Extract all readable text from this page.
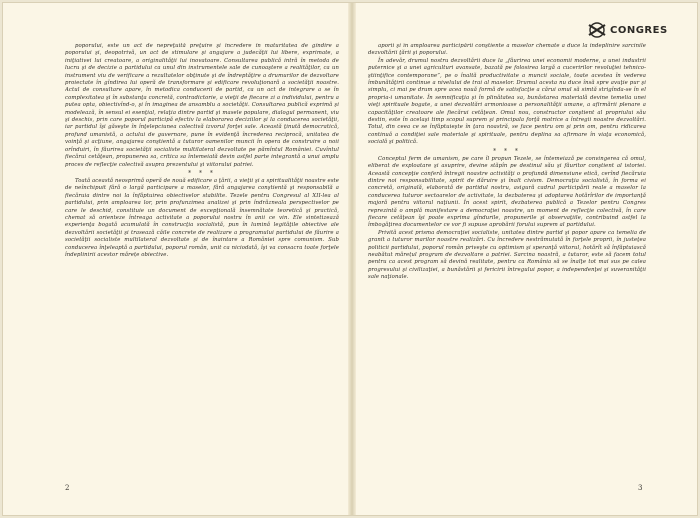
poporului, este un act de nepreţuită preţuire şi încredere în maturitatea de gîndire a poporului şi, deopotrivă, un act de stimulare şi angajare a judecăţii lui libere, exprimate, a iniţiativei lui creatoare, a originalităţii lui inovatoare. Consultarea publică intră în metoda de lucru şi de decizie a partidului ca unul din instrumentele sale de cunoaştere a realităţilor, ca un instrument viu de verificare a rezultatelor obţinute şi de îndreptăţire a drumurilor de dezvoltare proiectate în gîndirea lui operă de transformare şi edificare revoluţionară a societăţii noastre. Actul de consultare apare, în metodica conducerii de partid, ca un act de integrare a se în complexitatea şi în substanţa concretă, contradictorie, a vieţii de fiecare zi a individului, pentru a putea opta, obiectivînd-o, şi în imaginea de ansamblu a societăţii. Consultarea publică exprimă şi modelează, în sensul ei esenţial, relaţia dintre partid şi masele populare, dialogul permanent, viu şi deschis, prin care poporul participă efectiv la elaborarea deciziilor şi la conducerea societăţii, iar partidul îşi găseşte în înţelepciunea colectivă izvorul forţei sale. Această ţinută democratică, profund umanistă, a actului de guvernare, pune în evidenţă încrederea reciprocă, unitatea de voinţă şi acţiune, angajarea conştientă a tuturor oamenilor muncii în opera de construire a noii orînduiri, în făurirea societăţii socialiste multilateral dezvoltate pe pămîntul României. Cuvîntul fiecărui cetăţean, propunerea sa, critica sa întemeiată devin astfel parte integrantă a unui amplu proces de reflecţie colectivă asupra prezentului şi viitorului patriei.

* * *

Toată această neosprimă operă de nouă edificare a ţării, a vieţii şi a spiritualităţii noastre este de neînchipuit fără o largă participare a maselor, fără angajarea conştientă şi responsabilă a fiecăruia dintre noi la înfăptuirea obiectivelor stabilite. Tezele pentru Congresul al XII-lea al partidului, prin amploarea lor, prin profunzimea analizei şi prin îndrăzneala perspectivelor pe care le deschid, constituie un document de excepţională însemnătate teoretică şi practică, chemat să orienteze întreaga activitate a poporului nostru în anii ce vin. Ele sintetizează experienţa bogată acumulată în construcţia socialistă, pun în lumină legităţile obiective ale dezvoltării societăţii şi trasează căile concrete de realizare a programului partidului de făurire a societăţii socialiste multilateral dezvoltate şi de înaintare a României spre comunism. Sub conducerea înţeleaptă a partidului, poporul român, unit ca niciodată, îşi va consacra toate forţele îndeplinirii acestor mărețe obiective.

2
CONGRES

aporii şi în amploarea participării conştiente a maselor chemate a duce la îndeplinire sarcinile dezvoltării ţării şi poporului.

În adevăr, drumul nostru dezvoltării duce la „făurirea unei economii moderne, a unei industrii puternice şi a unei agriculturi avansate, bazată pe folosirea largă a cuceririlor revoluţiei tehnico-ştiinţifice contemporane”, pe o înaltă productivitate a muncii sociale, toate acestea în vederea îmbunătăţirii continue a nivelului de trai al maselor. Drumul acesta nu duce însă spre avuţie pur şi simplu, ci mai pe drum spre acea nouă formă de satisfacţie a cărui omul să simtă strigînda-se în el propria-i umanitate. În semnificaţia şi în plinătatea sa, bunăstarea materială devine temelia unei vieţi spirituale bogate, a unei dezvoltări armonioase a personalităţii umane, a afirmării plenare a capacităţilor creatoare ale fiecărui cetăţean. Omul nou, constructor conştient al propriului său destin, este în acelaşi timp scopul suprem şi principala forţă motrice a întregii noastre dezvoltări. Totul, din ceea ce se înfăptuieşte în ţara noastră, se face pentru om şi prin om, pentru ridicarea continuă a condiţiei sale materiale şi spirituale, pentru deplina sa afirmare în viaţa economică, socială şi politică.

* * *

Conceptul ferm de umanism, pe care îl propun Tezele, se întemeiază pe convingerea că omul, eliberat de exploatare şi asuprire, devine stăpîn pe destinul său şi făuritor conştient al istoriei. Această concepţie conferă întregii noastre activităţi o profundă dimensiune etică, cerînd fiecăruia dintre noi responsabilitate, spirit de dăruire şi înalt civism. Democraţia socialistă, în forma ei concretă, originală, elaborată de partidul nostru, asigură cadrul participării reale a maselor la conducerea tuturor sectoarelor de activitate, la dezbaterea şi adoptarea hotărîrilor de importanţă majoră pentru viitorul naţiunii. În acest spirit, dezbaterea publică a Tezelor pentru Congres reprezintă o amplă manifestare a democraţiei noastre, un moment de reflecţie colectivă, în care fiecare cetăţean îşi poate exprima gîndurile, propunerile şi observaţiile, contribuind astfel la îmbogăţirea documentelor ce vor fi supuse aprobării forului suprem al partidului.

Privită acest prisma democraţiei socialiste, unitatea dintre partid şi popor apare ca temelia de granit a tuturor marilor noastre realizări. Cu încredere nestrămutată în forţele proprii, în justeţea politicii partidului, poporul român priveşte cu optimism şi speranţă viitorul, hotărît să înfăptuiască neabătut mărețul program de dezvoltare a patriei. Sarcina noastră, a tuturor, este să facem totul pentru ca acest program să devină realitate, pentru ca România să se înalţe tot mai sus pe calea progresului şi civilizaţiei, a bunăstării şi fericirii întregului popor, a independenţei şi suveranităţii sale naţionale.

3
